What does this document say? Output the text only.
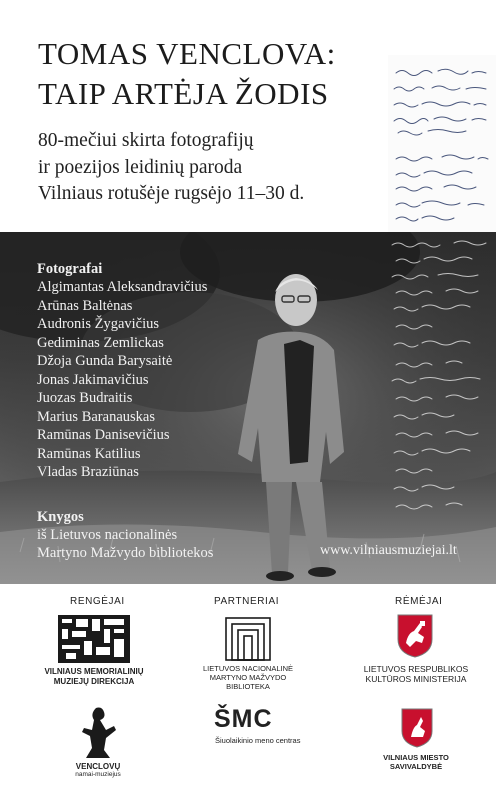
TOMAS VENCLOVA:
TAIP ARTĖJA ŽODIS
80-mečiui skirta fotografijų
ir poezijos leidinių paroda
Vilniaus rotušėje rugsėjo 11–30 d.
Fotografai
Algimantas Aleksandravičius
Arūnas Baltėnas
Audronis Žygavičius
Gediminas Zemlickas
Džoja Gunda Barysaitė
Jonas Jakimavičius
Juozas Budraitis
Marius Baranauskas
Ramūnas Danisevičius
Ramūnas Katilius
Vladas Braziūnas
Knygos
iš Lietuvos nacionalinės
Martyno Mažvydo bibliotekos	www.vilniausmuziejai.lt
RENGĖJAI	PARTNERIAI	RĖMĖJAI
VILNIAUS MEMORIALINIŲ
MUZIEJŲ DIREKCIJA
VENCLOVŲ
namai-muziejus
LIETUVOS NACIONALINĖ
MARTYNO MAŽVYDO
BIBLIOTEKA
ŠMC
Šiuolaikinio meno centras
LIETUVOS RESPUBLIKOS
KULTŪROS MINISTERIJA
VILNIAUS MIESTO
SAVIVALDYBĖ
